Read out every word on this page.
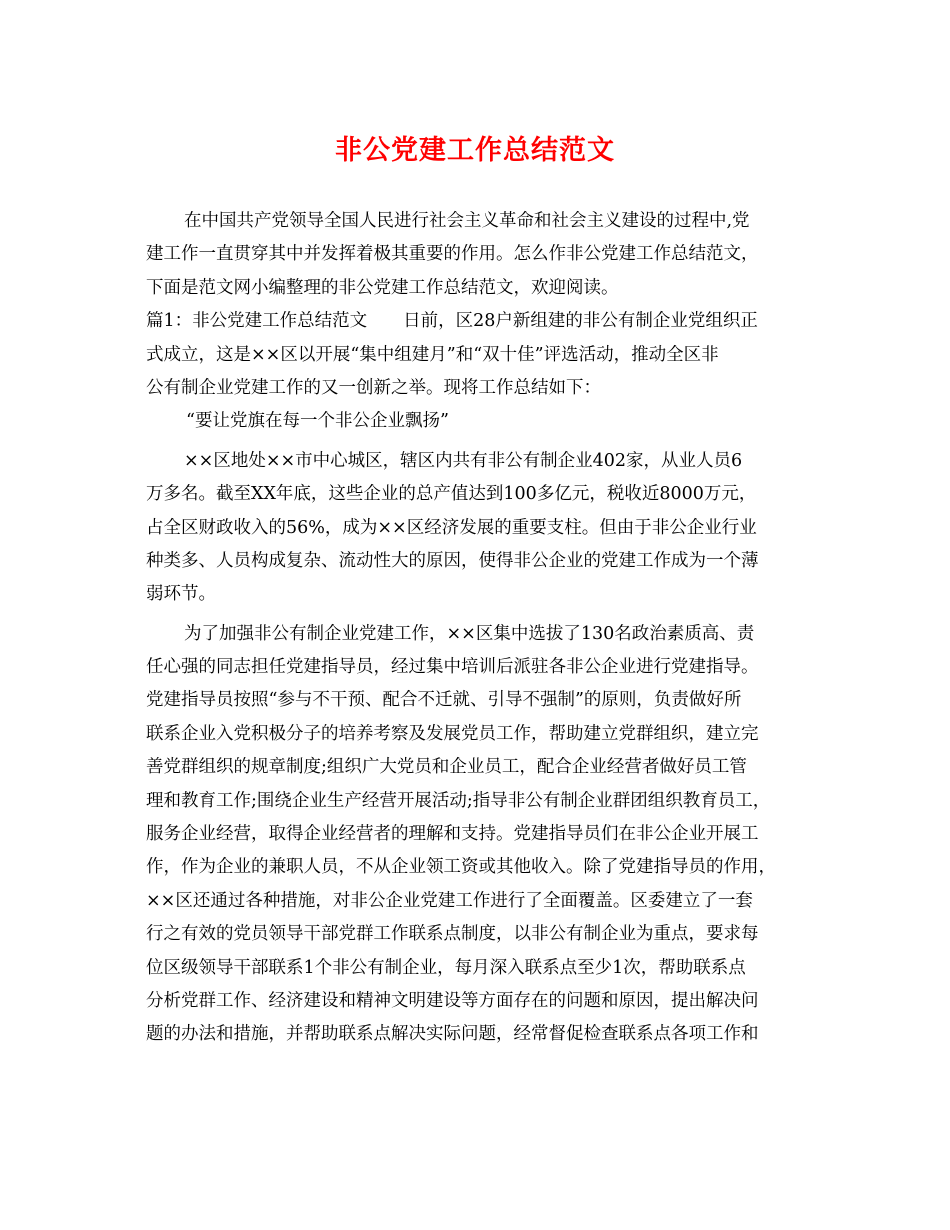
非公党建工作总结范文
在中国共产党领导全国人民进行社会主义革命和社会主义建设的过程中,党
建工作一直贯穿其中并发挥着极其重要的作用。怎么作非公党建工作总结范文，
下面是范文网小编整理的非公党建工作总结范文，欢迎阅读。
篇1：非公党建工作总结范文 日前，区28户新组建的非公有制企业党组织正
式成立，这是××区以开展“集中组建月”和“双十佳”评选活动，推动全区非
公有制企业党建工作的又一创新之举。现将工作总结如下：
“要让党旗在每一个非公企业飘扬”
××区地处××市中心城区，辖区内共有非公有制企业402家，从业人员6
万多名。截至XX年底，这些企业的总产值达到100多亿元，税收近8000万元，
占全区财政收入的56%，成为××区经济发展的重要支柱。但由于非公企业行业
种类多、人员构成复杂、流动性大的原因，使得非公企业的党建工作成为一个薄
弱环节。
为了加强非公有制企业党建工作，××区集中选拔了130名政治素质高、责
任心强的同志担任党建指导员，经过集中培训后派驻各非公企业进行党建指导。
党建指导员按照“参与不干预、配合不迁就、引导不强制”的原则，负责做好所
联系企业入党积极分子的培养考察及发展党员工作，帮助建立党群组织，建立完
善党群组织的规章制度;组织广大党员和企业员工，配合企业经营者做好员工管
理和教育工作;围绕企业生产经营开展活动;指导非公有制企业群团组织教育员工，
服务企业经营，取得企业经营者的理解和支持。党建指导员们在非公企业开展工
作，作为企业的兼职人员，不从企业领工资或其他收入。除了党建指导员的作用，
××区还通过各种措施，对非公企业党建工作进行了全面覆盖。区委建立了一套
行之有效的党员领导干部党群工作联系点制度，以非公有制企业为重点，要求每
位区级领导干部联系1个非公有制企业，每月深入联系点至少1次，帮助联系点
分析党群工作、经济建设和精神文明建设等方面存在的问题和原因，提出解决问
题的办法和措施，并帮助联系点解决实际问题，经常督促检查联系点各项工作和
